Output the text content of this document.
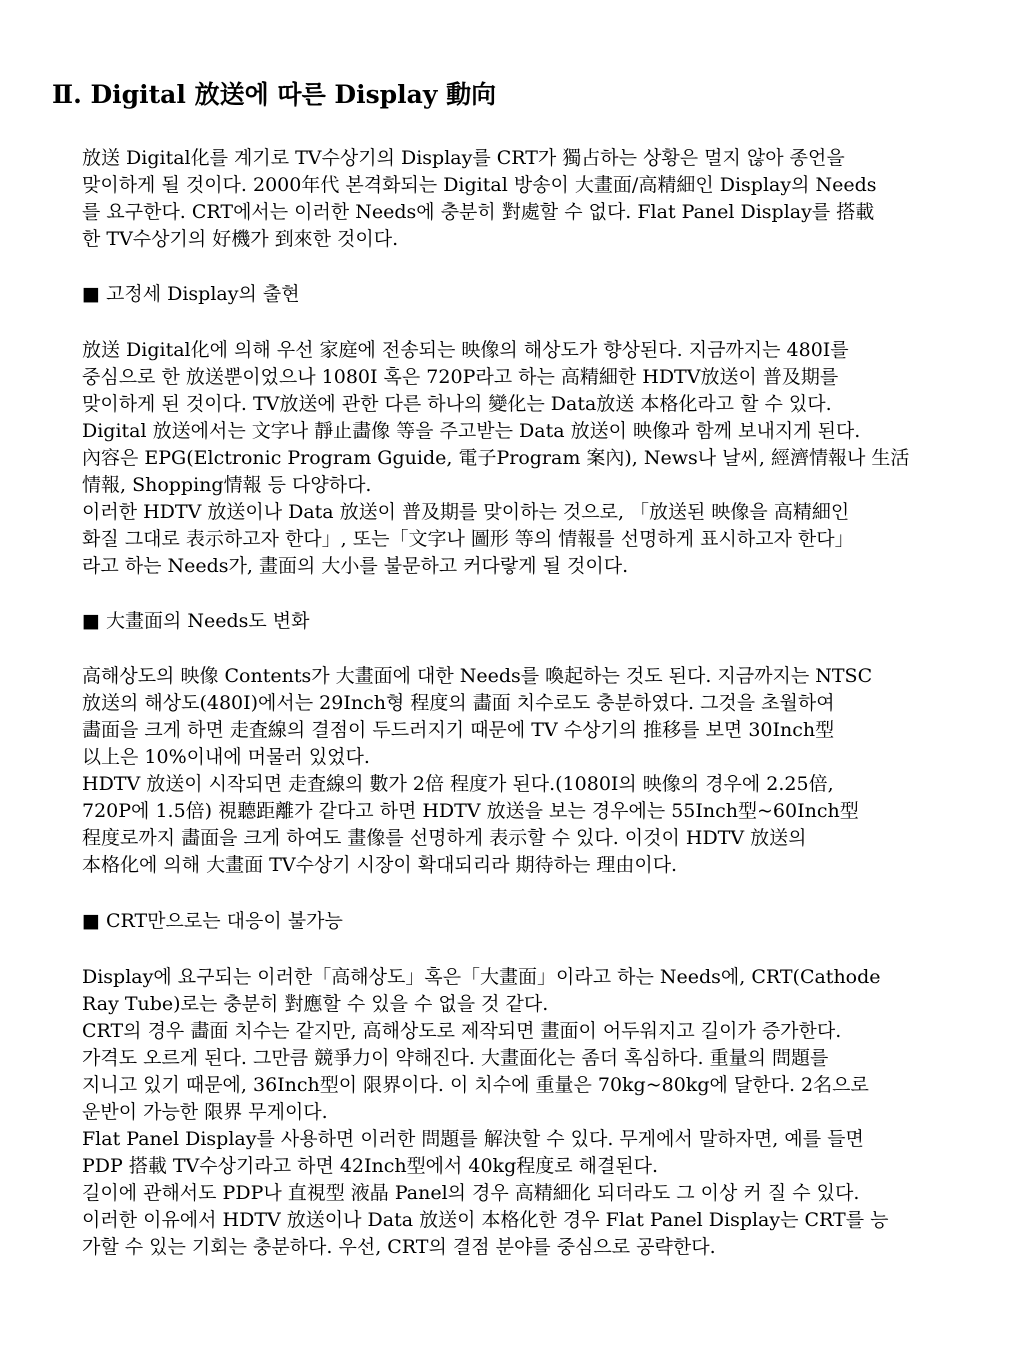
Ⅱ. Digital 放送에 따른 Display 動向
放送 Digital化를 계기로 TV수상기의 Display를 CRT가 獨占하는 상황은 멀지 않아 종언을
맞이하게 될 것이다. 2000年代 본격화되는 Digital 방송이 大畫面/高精細인 Display의 Needs
를 요구한다. CRT에서는 이러한 Needs에 충분히 對處할 수 없다. Flat Panel Display를 搭載
한 TV수상기의 好機가 到來한 것이다.
■ 고정세 Display의 출현
放送 Digital化에 의해 우선 家庭에 전송되는 映像의 해상도가 향상된다. 지금까지는 480I를
중심으로 한 放送뿐이었으나 1080I 혹은 720P라고 하는 高精細한 HDTV放送이 普及期를
맞이하게 된 것이다. TV放送에 관한 다른 하나의 變化는 Data放送 本格化라고 할 수 있다.
Digital 放送에서는 文字나 靜止畵像 等을 주고받는 Data 放送이 映像과 함께 보내지게 된다.
內容은 EPG(Elctronic Program Gguide, 電子Program 案內), News나 날씨, 經濟情報나 生活
情報, Shopping情報 등 다양하다.
이러한 HDTV 放送이나 Data 放送이 普及期를 맞이하는 것으로, 「放送된 映像을 高精細인
화질 그대로 表示하고자 한다」, 또는「文字나 圖形 等의 情報를 선명하게 표시하고자 한다」
라고 하는 Needs가, 畫面의 大小를 불문하고 커다랗게 될 것이다.
■ 大畫面의 Needs도 변화
高해상도의 映像 Contents가 大畫面에 대한 Needs를 喚起하는 것도 된다. 지금까지는 NTSC
放送의 해상도(480I)에서는 29Inch형 程度의 畵面 치수로도 충분하였다. 그것을 초월하여
畵面을 크게 하면 走査線의 결점이 두드러지기 때문에 TV 수상기의 推移를 보면 30Inch型
以上은 10%이내에 머물러 있었다.
HDTV 放送이 시작되면 走査線의 數가 2倍 程度가 된다.(1080I의 映像의 경우에 2.25倍,
720P에 1.5倍) 視聽距離가 같다고 하면 HDTV 放送을 보는 경우에는 55Inch型~60Inch型
程度로까지 畵面을 크게 하여도 畫像를 선명하게 表示할 수 있다. 이것이 HDTV 放送의
本格化에 의해 大畫面 TV수상기 시장이 확대되리라 期待하는 理由이다.
■ CRT만으로는 대응이 불가능
Display에 요구되는 이러한「高해상도」혹은「大畫面」이라고 하는 Needs에, CRT(Cathode
Ray Tube)로는 충분히 對應할 수 있을 수 없을 것 같다.
CRT의 경우 畵面 치수는 같지만, 高해상도로 제작되면 畫面이 어두워지고 길이가 증가한다.
가격도 오르게 된다. 그만큼 競爭力이 약해진다. 大畫面化는 좀더 혹심하다. 重量의 問題를
지니고 있기 때문에, 36Inch型이 限界이다. 이 치수에 重量은 70kg~80kg에 달한다. 2名으로
운반이 가능한 限界 무게이다.
Flat Panel Display를 사용하면 이러한 問題를 解決할 수 있다. 무게에서 말하자면, 예를 들면
PDP 搭載 TV수상기라고 하면 42Inch型에서 40kg程度로 해결된다.
길이에 관해서도 PDP나 直視型 液晶 Panel의 경우 高精細化 되더라도 그 이상 커 질 수 있다.
이러한 이유에서 HDTV 放送이나 Data 放送이 本格化한 경우 Flat Panel Display는 CRT를 능
가할 수 있는 기회는 충분하다. 우선, CRT의 결점 분야를 중심으로 공략한다.
